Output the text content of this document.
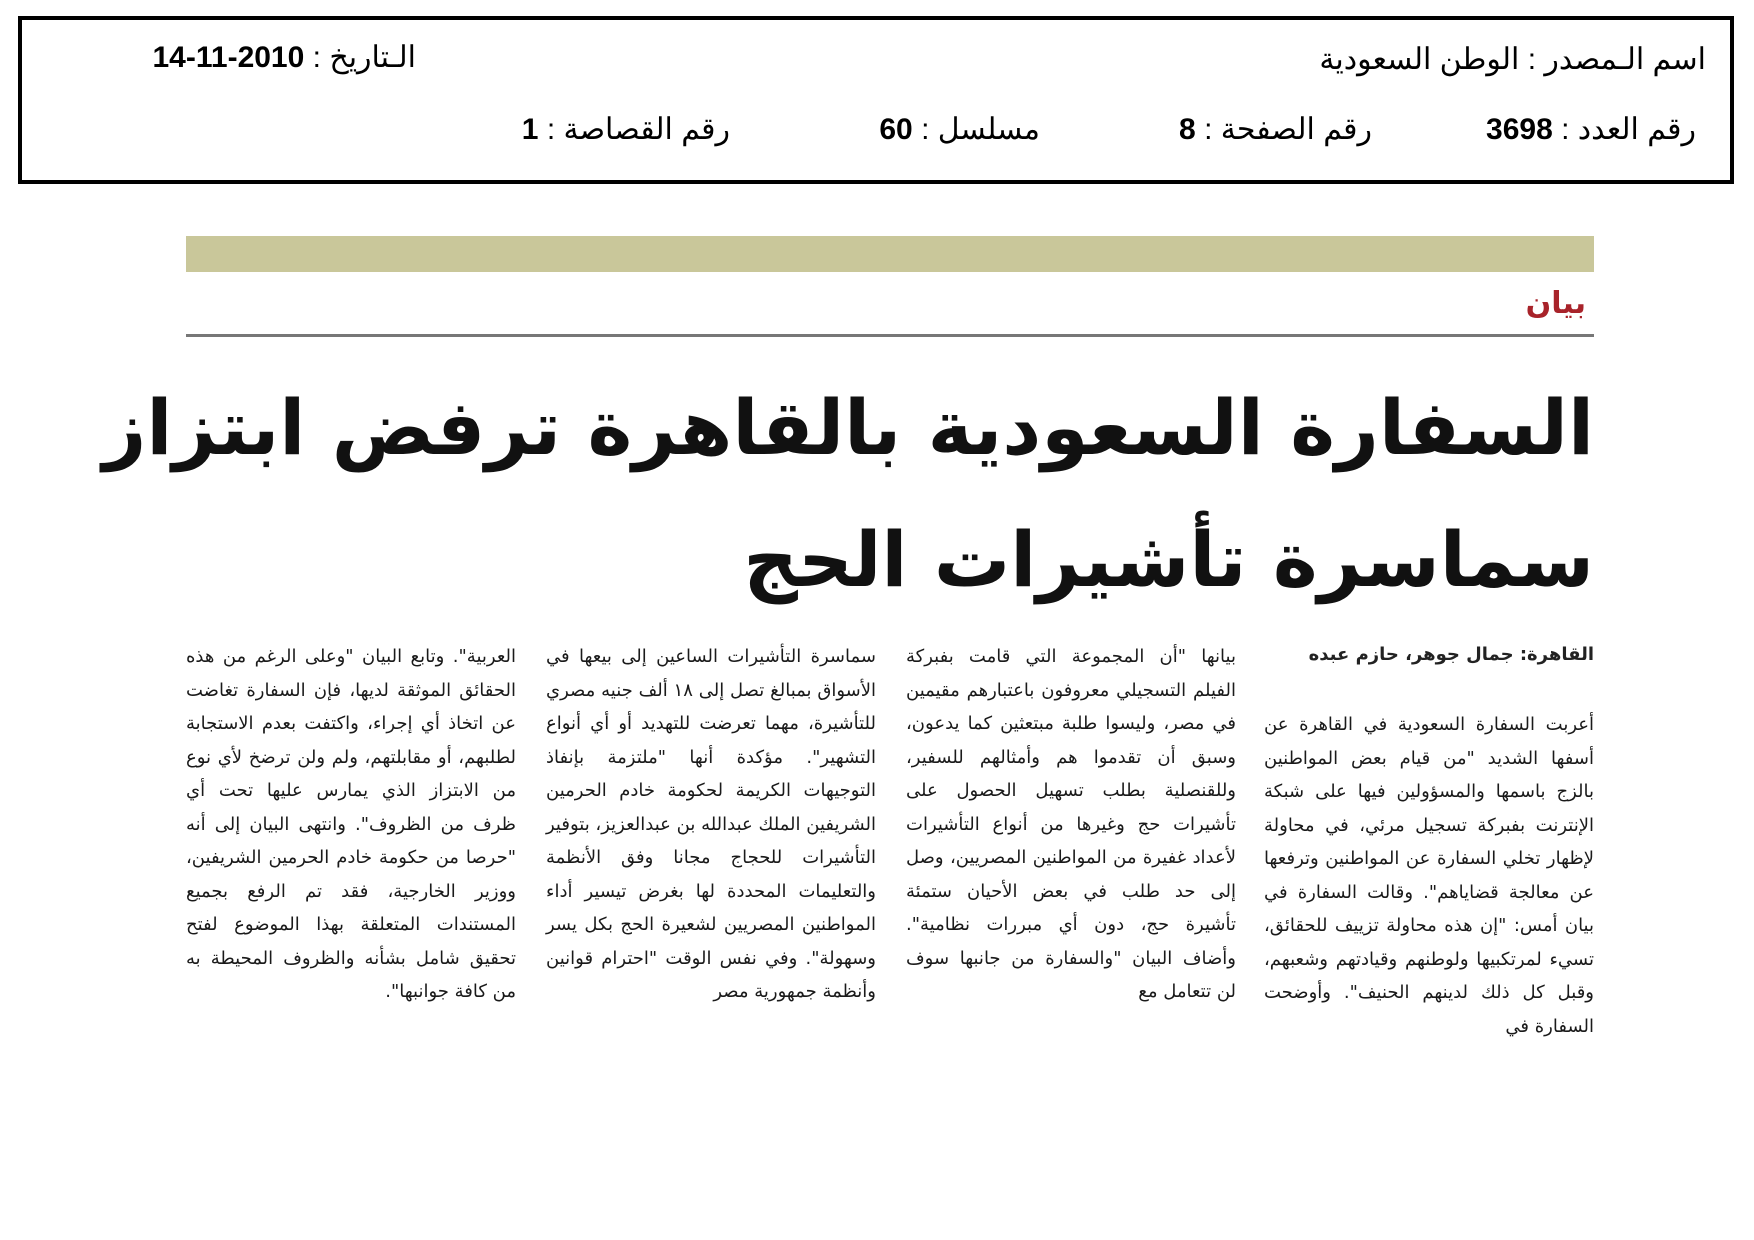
اسم الـمصدر : الوطن السعودية
الـتاريخ : 2010-11-14
رقم العدد : 3698
رقم الصفحة : 8
مسلسل : 60
رقم القصاصة : 1
بيان
السفارة السعودية بالقاهرة ترفض ابتزاز
سماسرة تأشيرات الحج
القاهرة: جمال جوهر، حازم عبده
أعربت السفارة السعودية في القاهرة عن أسفها الشديد "من قيام بعض المواطنين بالزج باسمها والمسؤولين فيها على شبكة الإنترنت بفبركة تسجيل مرئي، في محاولة لإظهار تخلي السفارة عن المواطنين وترفعها عن معالجة قضاياهم". وقالت السفارة في بيان أمس: "إن هذه محاولة تزييف للحقائق، تسيء لمرتكبيها ولوطنهم وقيادتهم وشعبهم، وقبل كل ذلك لدينهم الحنيف". وأوضحت السفارة في
بيانها "أن المجموعة التي قامت بفبركة الفيلم التسجيلي معروفون باعتبارهم مقيمين في مصر، وليسوا طلبة مبتعثين كما يدعون، وسبق أن تقدموا هم وأمثالهم للسفير، وللقنصلية بطلب تسهيل الحصول على تأشيرات حج وغيرها من أنواع التأشيرات لأعداد غفيرة من المواطنين المصريين، وصل إلى حد طلب في بعض الأحيان ستمئة تأشيرة حج، دون أي مبررات نظامية". وأضاف البيان "والسفارة من جانبها سوف لن تتعامل مع
سماسرة التأشيرات الساعين إلى بيعها في الأسواق بمبالغ تصل إلى ١٨ ألف جنيه مصري للتأشيرة، مهما تعرضت للتهديد أو أي أنواع التشهير". مؤكدة أنها "ملتزمة بإنفاذ التوجيهات الكريمة لحكومة خادم الحرمين الشريفين الملك عبدالله بن عبدالعزيز، بتوفير التأشيرات للحجاج مجانا وفق الأنظمة والتعليمات المحددة لها بغرض تيسير أداء المواطنين المصريين لشعيرة الحج بكل يسر وسهولة". وفي نفس الوقت "احترام قوانين وأنظمة جمهورية مصر
العربية". وتابع البيان "وعلى الرغم من هذه الحقائق الموثقة لديها، فإن السفارة تغاضت عن اتخاذ أي إجراء، واكتفت بعدم الاستجابة لطلبهم، أو مقابلتهم، ولم ولن ترضخ لأي نوع من الابتزاز الذي يمارس عليها تحت أي ظرف من الظروف". وانتهى البيان إلى أنه "حرصا من حكومة خادم الحرمين الشريفين، ووزير الخارجية، فقد تم الرفع بجميع المستندات المتعلقة بهذا الموضوع لفتح تحقيق شامل بشأنه والظروف المحيطة به من كافة جوانبها".
